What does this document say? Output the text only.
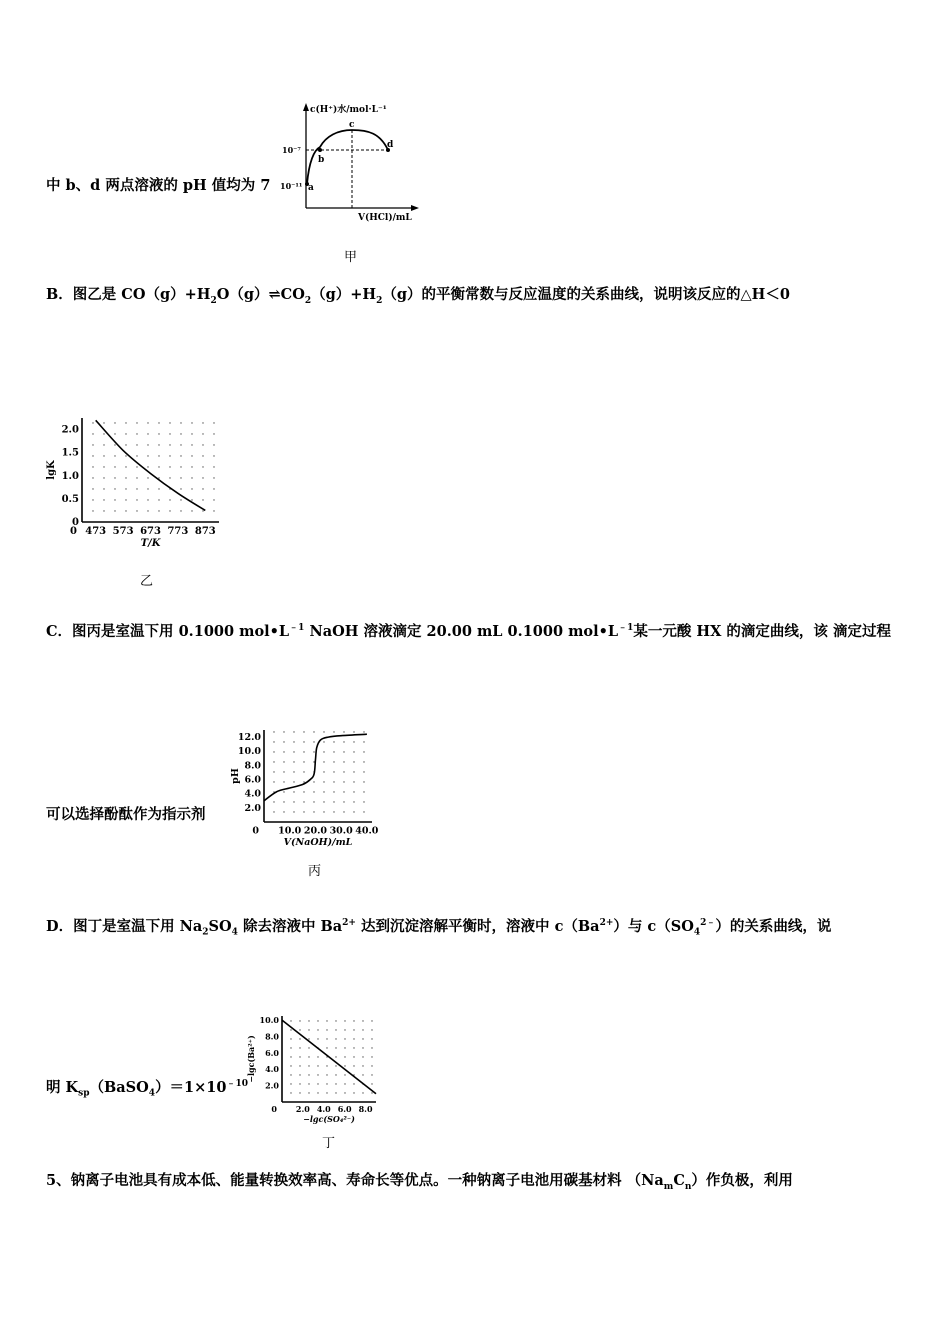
中 b、d 两点溶液的 pH 值均为 7
c(H⁺)水/mol·L⁻¹
V(HCl)/mL
10⁻⁷
10⁻¹¹ a
b
c
d
甲
B．图乙是 $CO(g)+H_2O(g)\rightleftharpoons CO_2(g)+H_2(g)$的平衡常数与反应温度的关系曲线，说明该反应的△H＜0
0
0.5
1.0
1.5
2.0
473 573 673 773 873
0
T/K
lgK
乙
C．图丙是室温下用 0.1000 $mol•L^{﹣1}$ NaOH 溶液滴定 20.00 mL 0.1000 $mol•L^{﹣1}$某一元酸 HX 的滴定曲线，该 滴定过程
可以选择酚酞作为指示剂	2.0
4.0
6.0
8.0
10.0
12.0
10.0 20.0 30.0 40.0
0
V(NaOH)/mL
pH
丙
D．图丁是室温下用 $Na_2SO_4$ 除去溶液中 $Ba^{2+}$ 达到沉淀溶解平衡时，溶液中 $c(Ba^{2+})$与 $c(SO_4^{2﹣})$的关系曲线，说
明 $K_{sp}(BaSO_4)=1\times 10^{﹣10}$ 2.0
4.0
6.0
8.0
10.0
2.0 4.0 6.0 8.0
0
−lgc(SO₄²⁻)
−lgc(Ba²⁺)
丁
5、钠离子电池具有成本低、能量转换效率高、寿命长等优点。一种钠离子电池用碳基材料 $(Na_mC_n)$作负极，利用
